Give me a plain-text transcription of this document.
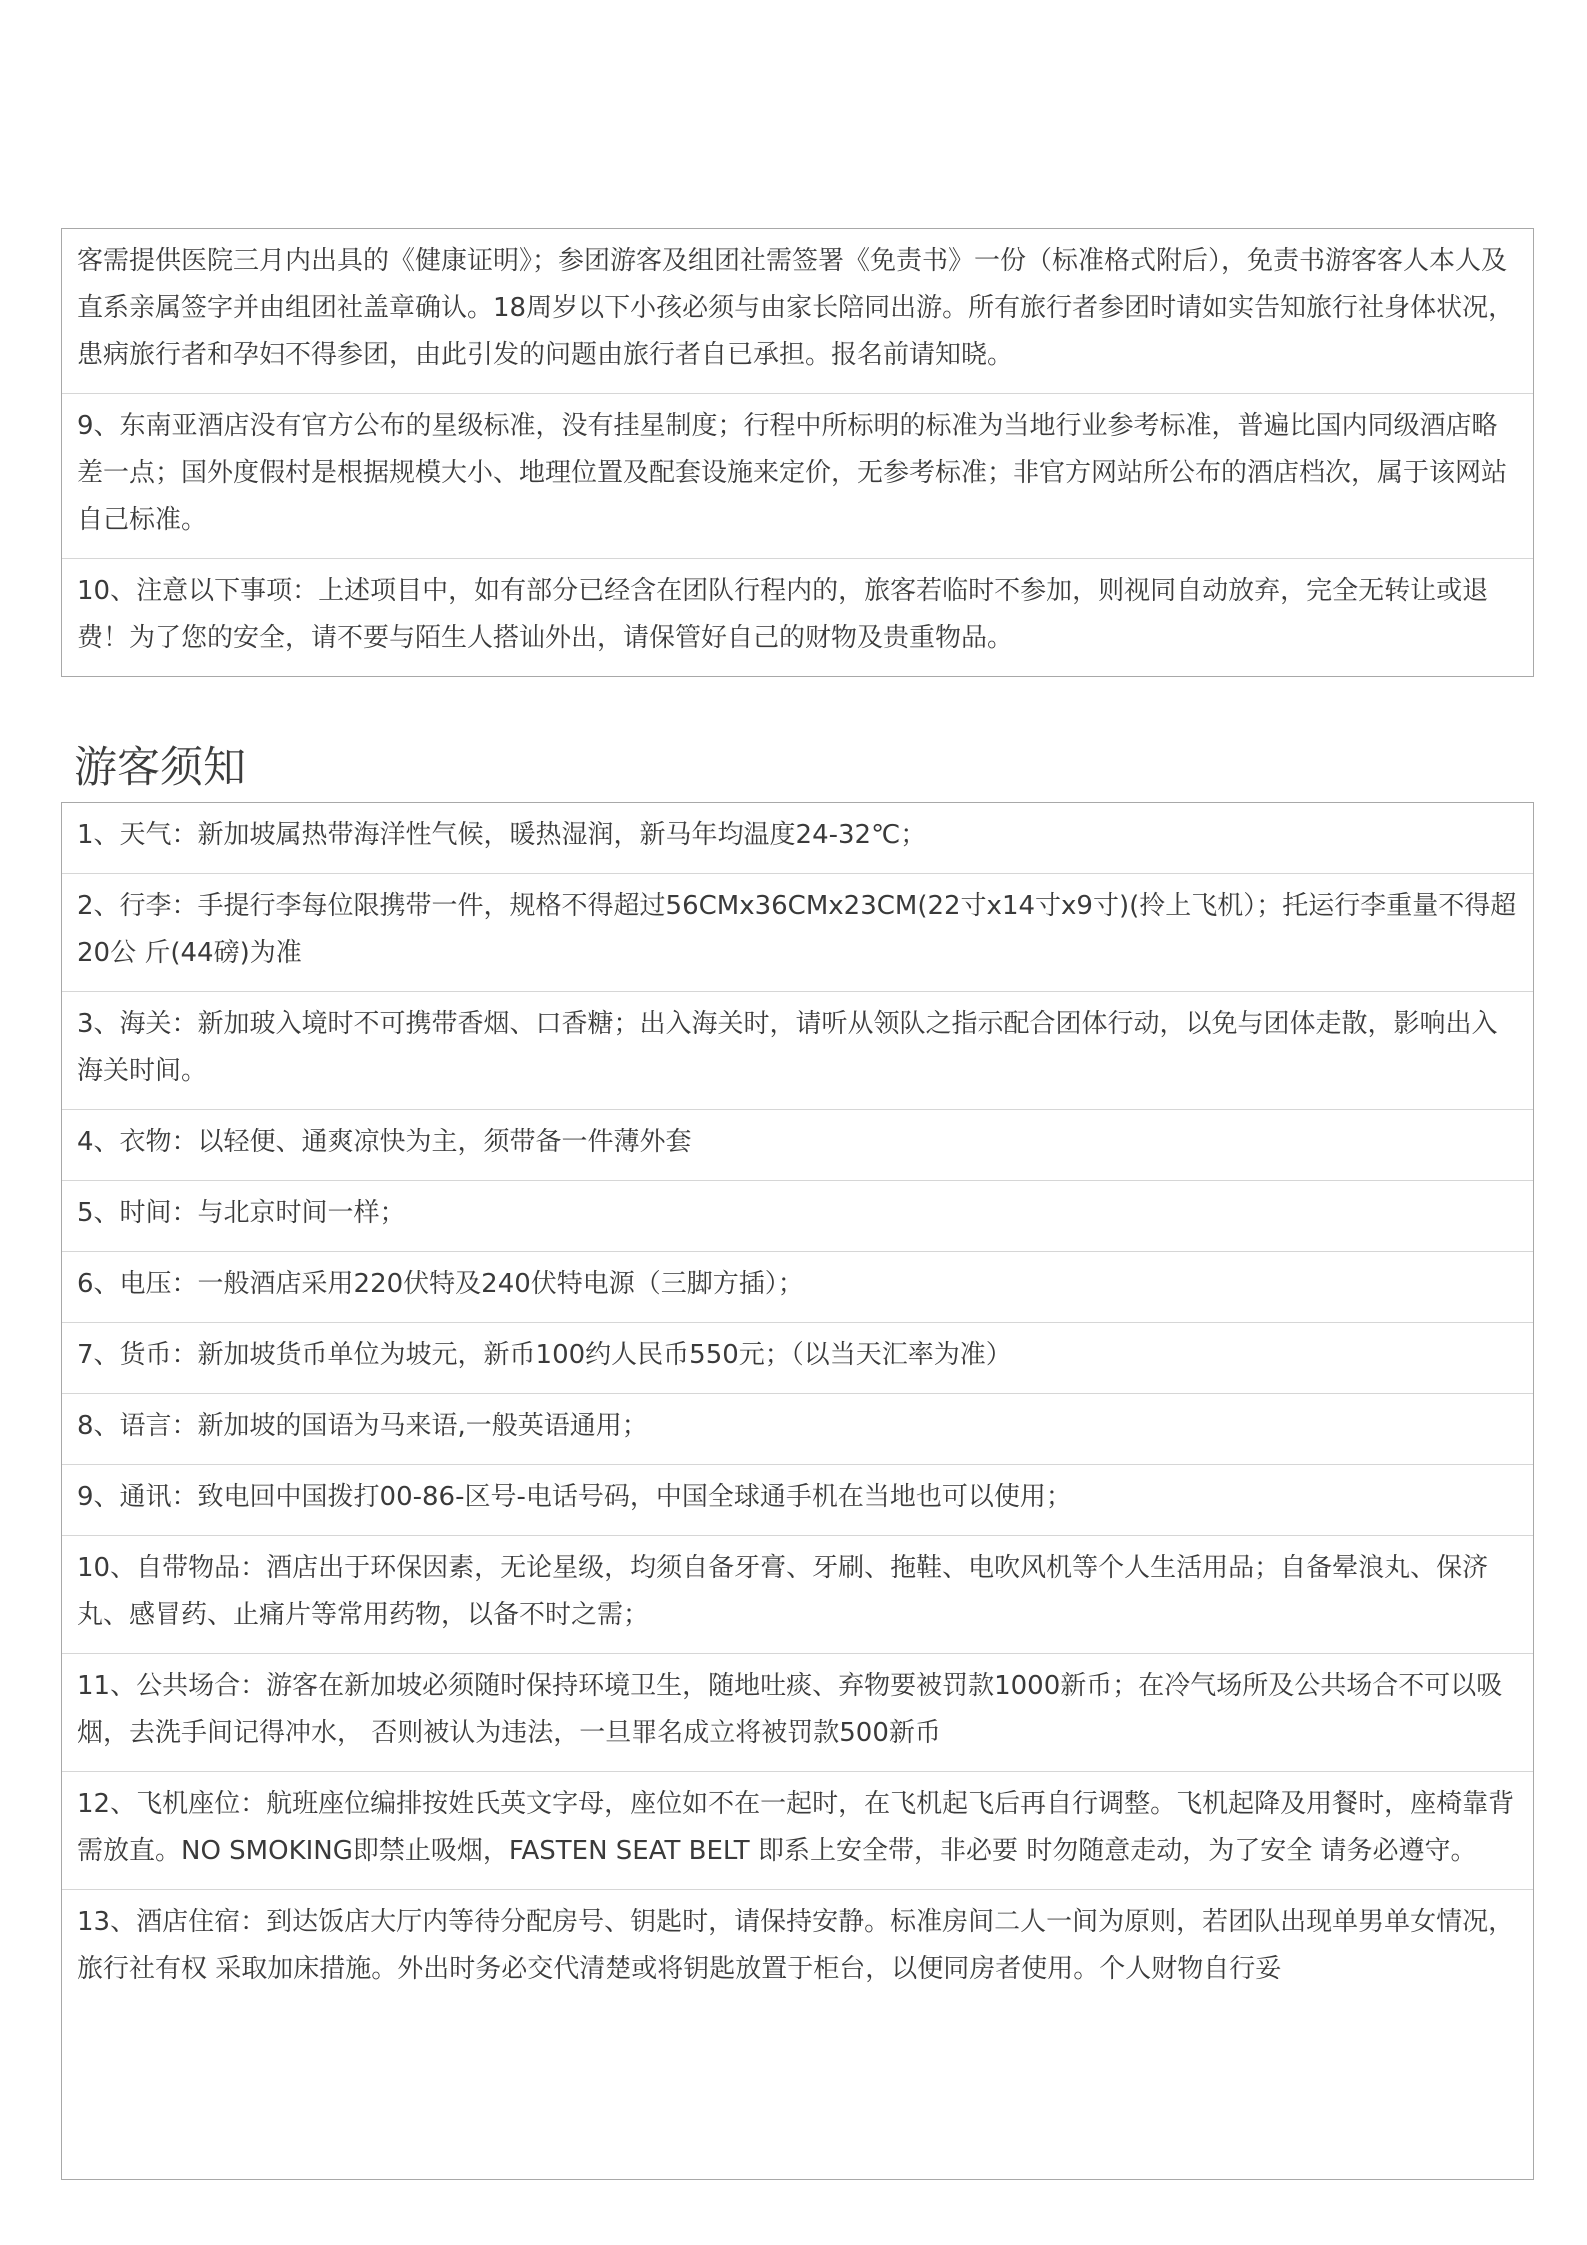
客需提供医院三月内出具的《健康证明》；参团游客及组团社需签署《免责书》一份（标准格式附后），免责书游客客人本人及直系亲属签字并由组团社盖章确认。18周岁以下小孩必须与由家长陪同出游。所有旅行者参团时请如实告知旅行社身体状况，患病旅行者和孕妇不得参团，由此引发的问题由旅行者自已承担。报名前请知晓。
9、东南亚酒店没有官方公布的星级标准，没有挂星制度；行程中所标明的标准为当地行业参考标准，普遍比国内同级酒店略差一点；国外度假村是根据规模大小、地理位置及配套设施来定价，无参考标准；非官方网站所公布的酒店档次，属于该网站自己标准。
10、注意以下事项：上述项目中，如有部分已经含在团队行程内的，旅客若临时不参加，则视同自动放弃，完全无转让或退费！为了您的安全，请不要与陌生人搭讪外出，请保管好自己的财物及贵重物品。
游客须知
1、天气：新加坡属热带海洋性气候，暖热湿润，新马年均温度24-32℃；
2、行李：手提行李每位限携带一件，规格不得超过56CMx36CMx23CM(22寸x14寸x9寸)(拎上飞机）；托运行李重量不得超20公 斤(44磅)为准
3、海关：新加玻入境时不可携带香烟、口香糖；出入海关时，请听从领队之指示配合团体行动，以免与团体走散，影响出入海关时间。
4、衣物：以轻便、通爽凉快为主，须带备一件薄外套
5、时间：与北京时间一样；
6、电压：一般酒店采用220伏特及240伏特电源（三脚方插）；
7、货币：新加坡货币单位为坡元，新币100约人民币550元；（以当天汇率为准）
8、语言：新加坡的国语为马来语,一般英语通用；
9、通讯：致电回中国拨打00-86-区号-电话号码，中国全球通手机在当地也可以使用；
10、自带物品：酒店出于环保因素，无论星级，均须自备牙膏、牙刷、拖鞋、电吹风机等个人生活用品；自备晕浪丸、保济丸、感冒药、止痛片等常用药物，以备不时之需；
11、公共场合：游客在新加坡必须随时保持环境卫生，随地吐痰、弃物要被罚款1000新币；在冷气场所及公共场合不可以吸烟，去洗手间记得冲水， 否则被认为违法，一旦罪名成立将被罚款500新币
12、飞机座位：航班座位编排按姓氏英文字母，座位如不在一起时，在飞机起飞后再自行调整。飞机起降及用餐时，座椅靠背需放直。NO SMOKING即禁止吸烟，FASTEN SEAT BELT 即系上安全带，非必要 时勿随意走动，为了安全 请务必遵守。
13、酒店住宿：到达饭店大厅内等待分配房号、钥匙时，请保持安静。标准房间二人一间为原则，若团队出现单男单女情况，旅行社有权 采取加床措施。外出时务必交代清楚或将钥匙放置于柜台，以便同房者使用。个人财物自行妥
